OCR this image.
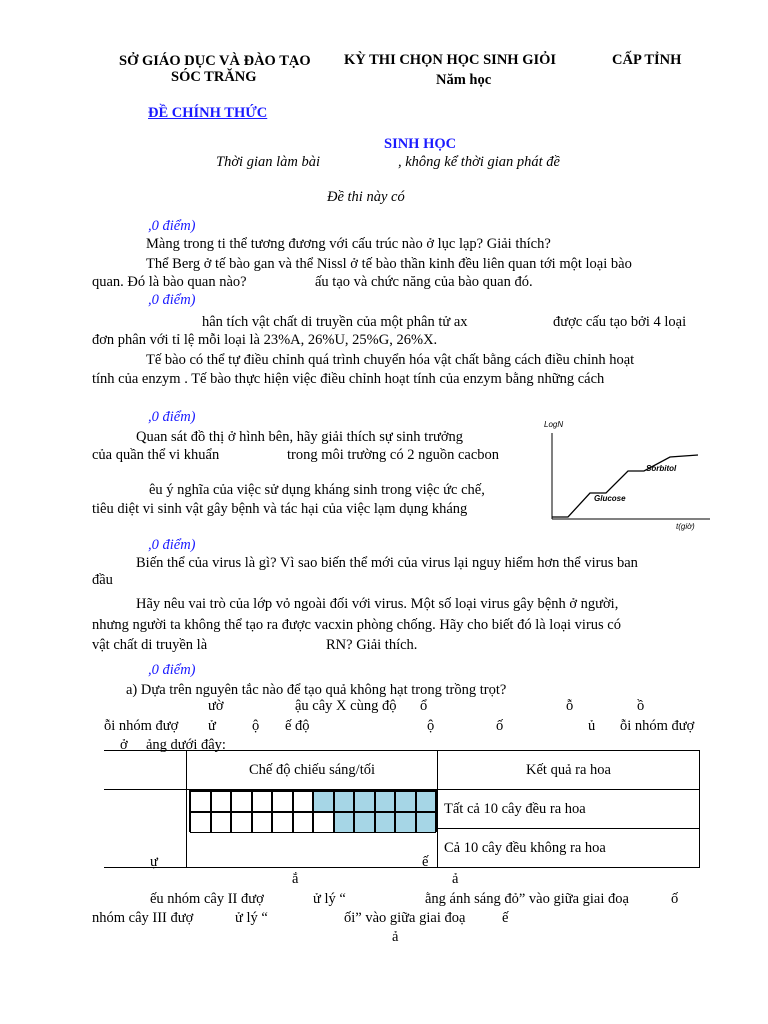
SỞ GIÁO DỤC VÀ ĐÀO TẠO
SÓC TRĂNG
KỲ THI CHỌN HỌC SINH GIỎI	CẤP TỈNH
Năm học
ĐỀ CHÍNH THỨC
SINH HỌC
Thời gian làm bài	, không kể thời gian phát đề
Đề thi này có
,0 điểm)
Màng trong ti thể tương đương với cấu trúc nào ở lục lạp? Giải thích?
Thể Berg ở tế bào gan và thể Nissl ở tế bào thần kinh đều liên quan tới một loại bào
quan. Đó là bào quan nào?	ấu tạo và chức năng của bào quan đó.
,0 điểm)
hân tích vật chất di truyền của một phân tử ax	được cấu tạo bởi 4 loại
đơn phân với tỉ lệ mỗi loại là 23%A, 26%U, 25%G, 26%X.
Tế bào có thể tự điều chỉnh quá trình chuyển hóa vật chất bằng cách điều chỉnh hoạt
tính của enzym . Tế bào thực hiện việc điều chỉnh hoạt tính của enzym bằng những cách
,0 điểm)
Quan sát đồ thị ở hình bên, hãy giải thích sự sinh trưởng
của quần thể vi khuẩn	trong môi trường có 2 nguồn cacbon
êu ý nghĩa của việc sử dụng kháng sinh trong việc ức chế,
tiêu diệt vi sinh vật gây bệnh và tác hại của việc lạm dụng kháng
LogN
Glucose
Sorbitol
t(giờ)
,0 điểm)
Biến thể của virus là gì? Vì sao biến thể mới của virus lại nguy hiểm hơn thể virus ban
đầu
Hãy nêu vai trò của lớp vỏ ngoài đối với virus. Một số loại virus gây bệnh ở người,
nhưng người ta không thể tạo ra được vacxin phòng chống. Hãy cho biết đó là loại virus có
vật chất di truyền là	RN? Giải thích.
,0 điểm)
a) Dựa trên nguyên tắc nào để tạo quả không hạt trong trồng trọt?
ườ	ậu cây X cùng độ ổ	ỗ	ồ
ỗi nhóm đượ ử ộ ế độ	ộ	ố	ủ ỗi nhóm đượ
ở ảng dưới đây:
	Chế độ chiếu sáng/tối	Kết quả ra hoa

	Tất cả 10 cây đều ra hoa
		Cả 10 cây đều không ra hoa
ự	ế
ắ	ả
ếu nhóm cây II đượ	ử lý “	ằng ánh sáng đỏ” vào giữa giai đoạ	ố
nhóm cây III đượ	ử lý “	ối” vào giữa giai đoạ	ế
ả
